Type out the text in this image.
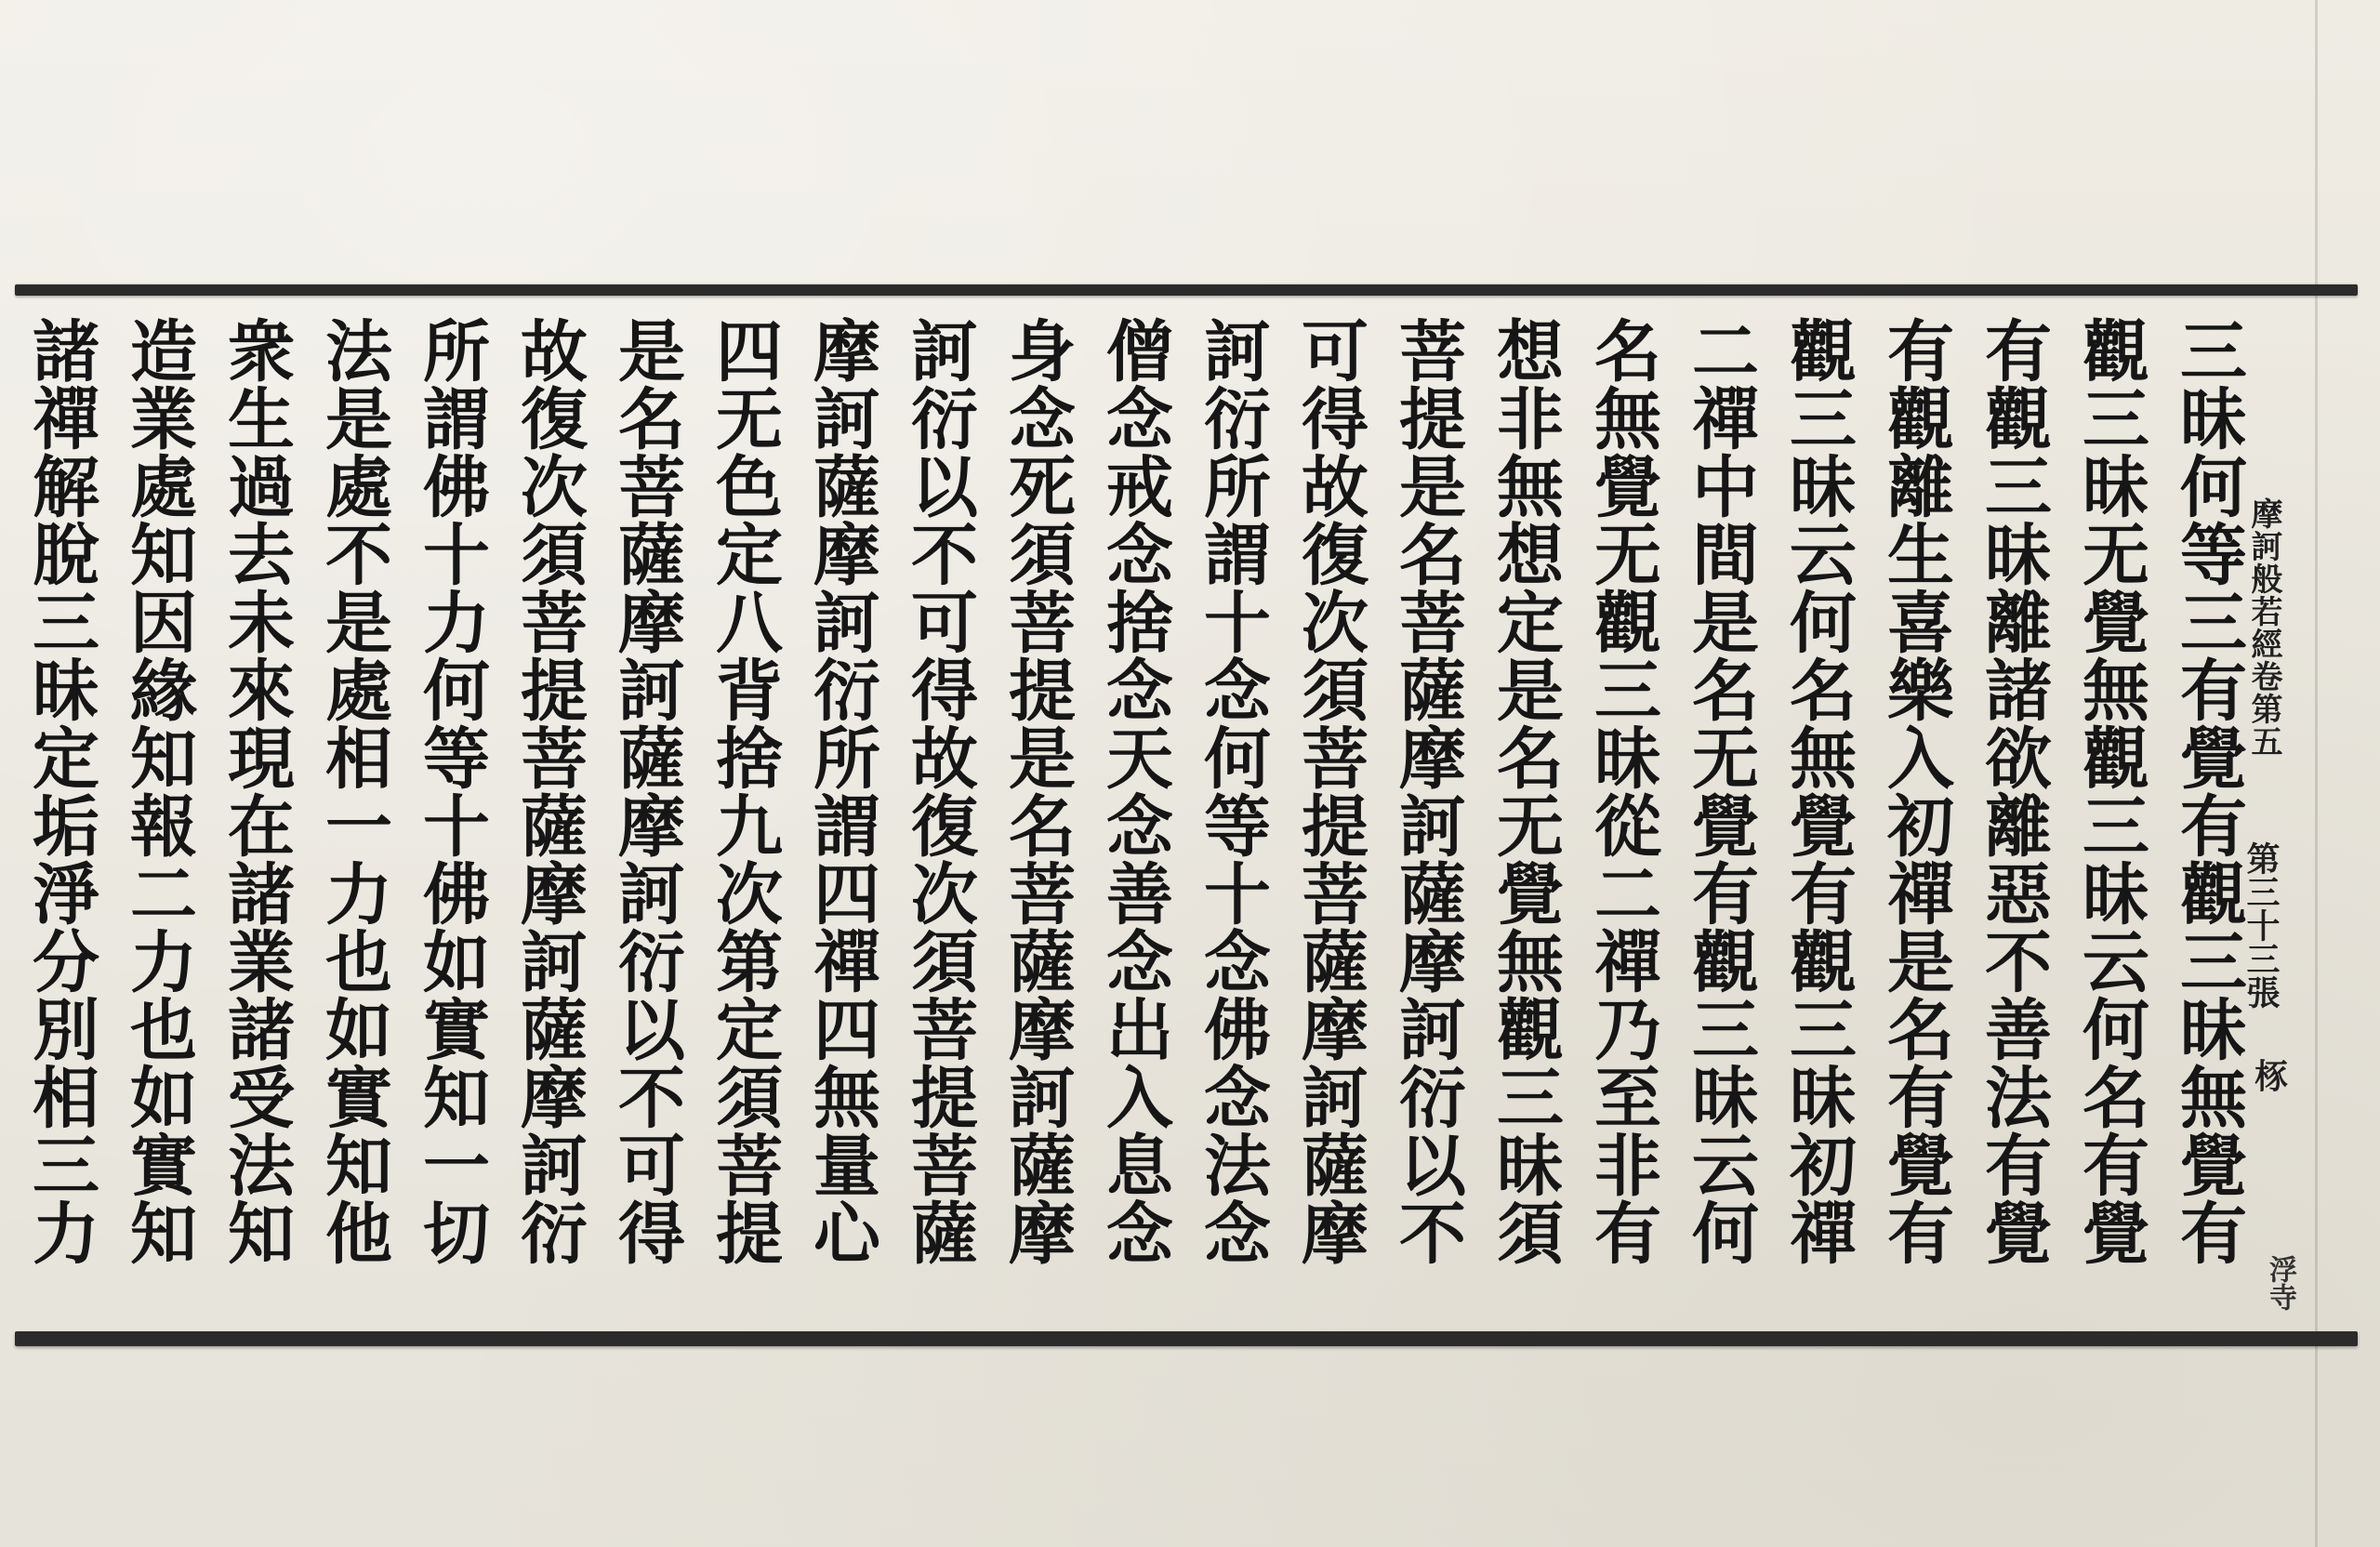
摩訶般若經卷第五
第三十三張
㭬
浮寺
三昧何等三有覺有觀三昧無覺有
觀三昧无覺無觀三昧云何名有覺
有觀三昧離諸欲離惡不善法有覺
有觀離生喜樂入初禪是名有覺有
觀三昧云何名無覺有觀三昧初禪
二禪中間是名无覺有觀三昧云何
名無覺无觀三昧從二禪乃至非有
想非無想定是名无覺無觀三昧須
菩提是名菩薩摩訶薩摩訶衍以不
可得故復次須菩提菩薩摩訶薩摩
訶衍所謂十念何等十念佛念法念
僧念戒念捨念天念善念出入息念
身念死須菩提是名菩薩摩訶薩摩
訶衍以不可得故復次須菩提菩薩
摩訶薩摩訶衍所謂四禪四無量心
四无色定八背捨九次第定須菩提
是名菩薩摩訶薩摩訶衍以不可得
故復次須菩提菩薩摩訶薩摩訶衍
所謂佛十力何等十佛如實知一切
法是處不是處相一力也如實知他
衆生過去未來現在諸業諸受法知
造業處知因緣知報二力也如實知
諸禪解脫三昧定垢淨分別相三力
